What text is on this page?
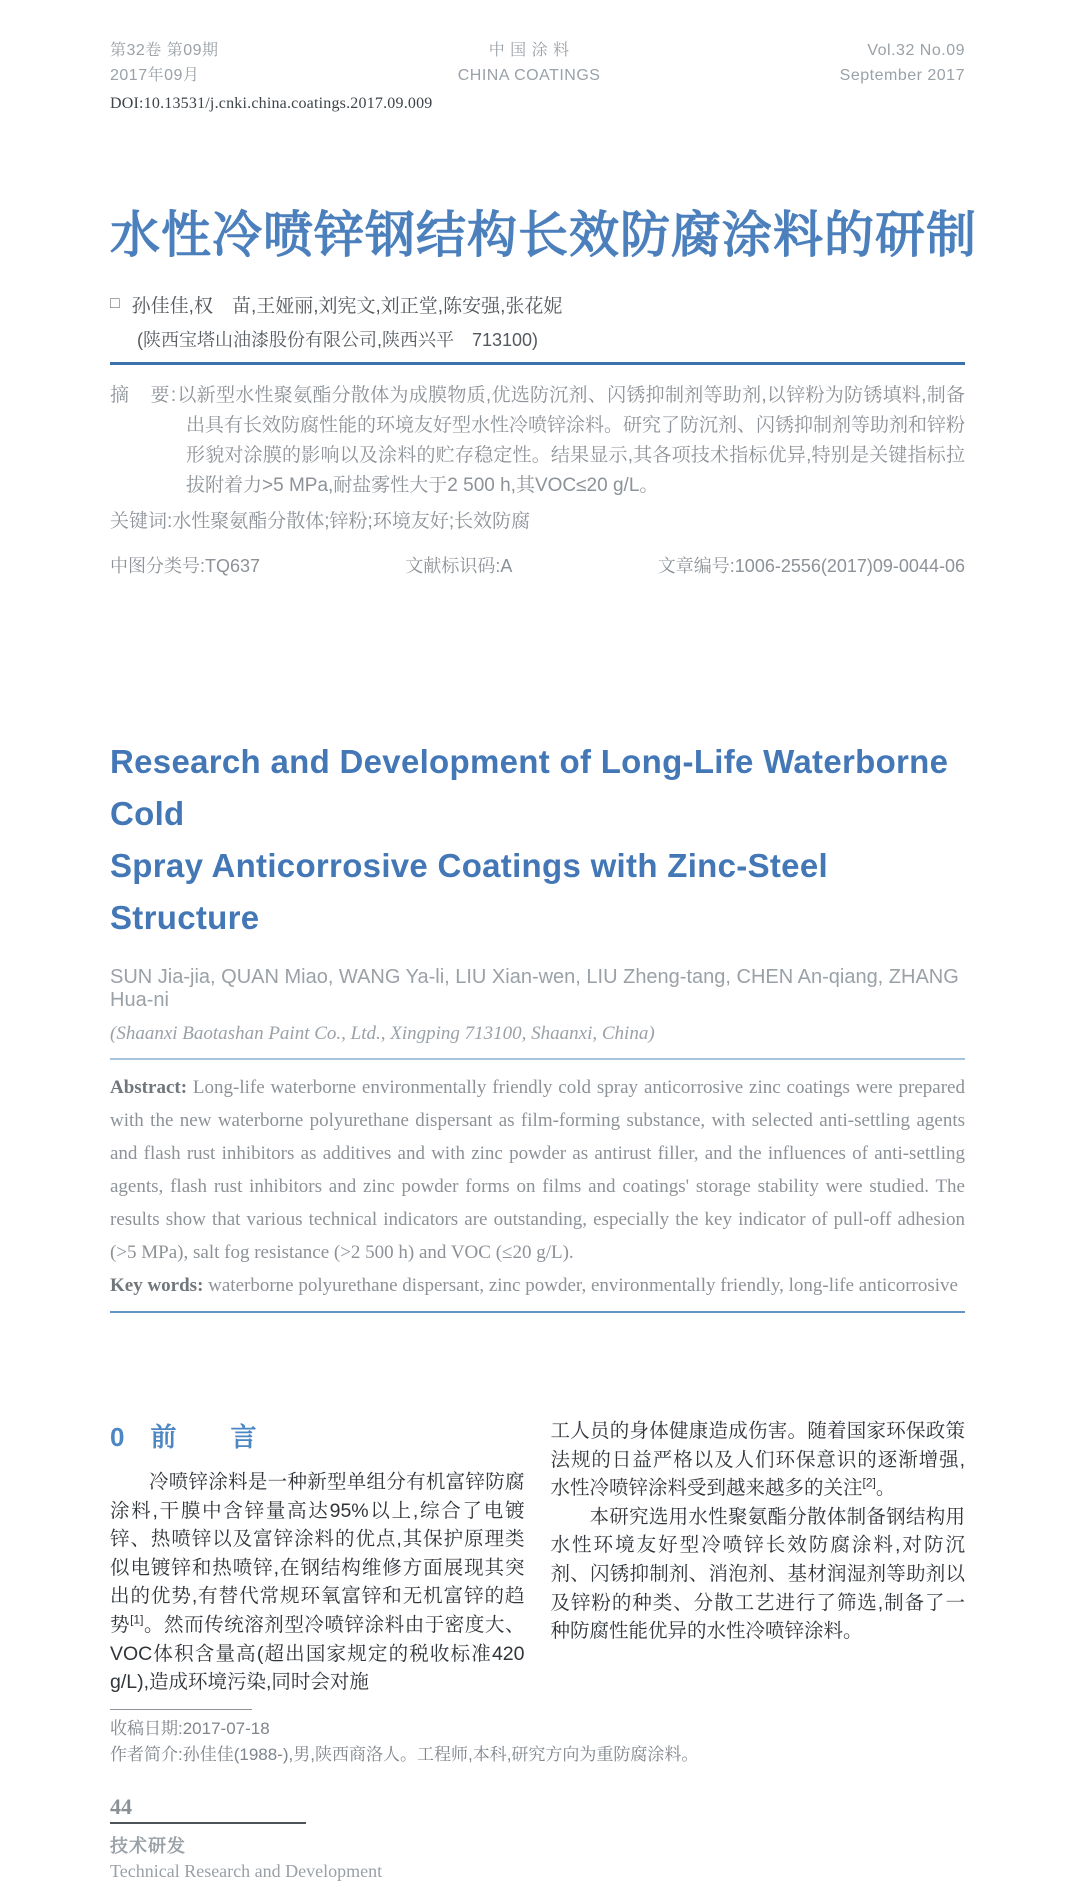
第32卷 第09期
2017年09月
中 国 涂 料
CHINA COATINGS
Vol.32 No.09
September 2017
DOI:10.13531/j.cnki.china.coatings.2017.09.009
水性冷喷锌钢结构长效防腐涂料的研制
□ 孙佳佳,权　苗,王娅丽,刘宪文,刘正堂,陈安强,张花妮
(陕西宝塔山油漆股份有限公司,陕西兴平　713100)

摘　要:以新型水性聚氨酯分散体为成膜物质,优选防沉剂、闪锈抑制剂等助剂,以锌粉为防锈填料,制备出具有长效防腐性能的环境友好型水性冷喷锌涂料。研究了防沉剂、闪锈抑制剂等助剂和锌粉形貌对涂膜的影响以及涂料的贮存稳定性。结果显示,其各项技术指标优异,特别是关键指标拉拔附着力>5 MPa,耐盐雾性大于2 500 h,其VOC≤20 g/L。

关键词:水性聚氨酯分散体;锌粉;环境友好;长效防腐

中图分类号:TQ637	文献标识码:A	文章编号:1006-2556(2017)09-0044-06
Research and Development of Long-Life Waterborne Cold
Spray Anticorrosive Coatings with Zinc-Steel Structure
SUN Jia-jia, QUAN Miao, WANG Ya-li, LIU Xian-wen, LIU Zheng-tang, CHEN An-qiang, ZHANG Hua-ni
(Shaanxi Baotashan Paint Co., Ltd., Xingping 713100, Shaanxi, China)

Abstract: Long-life waterborne environmentally friendly cold spray anticorrosive zinc coatings were prepared with the new waterborne polyurethane dispersant as film-forming substance, with selected anti-settling agents and flash rust inhibitors as additives and with zinc powder as antirust filler, and the influences of anti-settling agents, flash rust inhibitors and zinc powder forms on films and coatings' storage stability were studied. The results show that various technical indicators are outstanding, especially the key indicator of pull-off adhesion (>5 MPa), salt fog resistance (>2 500 h) and VOC (≤20 g/L).

Key words: waterborne polyurethane dispersant, zinc powder, environmentally friendly, long-life anticorrosive

0 前　言

冷喷锌涂料是一种新型单组分有机富锌防腐涂料,干膜中含锌量高达95%以上,综合了电镀锌、热喷锌以及富锌涂料的优点,其保护原理类似电镀锌和热喷锌,在钢结构维修方面展现其突出的优势,有替代常规环氧富锌和无机富锌的趋势[1]。然而传统溶剂型冷喷锌涂料由于密度大、VOC体积含量高(超出国家规定的税收标准420 g/L),造成环境污染,同时会对施

工人员的身体健康造成伤害。随着国家环保政策法规的日益严格以及人们环保意识的逐渐增强,水性冷喷锌涂料受到越来越多的关注[2]。

本研究选用水性聚氨酯分散体制备钢结构用水性环境友好型冷喷锌长效防腐涂料,对防沉剂、闪锈抑制剂、消泡剂、基材润湿剂等助剂以及锌粉的种类、分散工艺进行了筛选,制备了一种防腐性能优异的水性冷喷锌涂料。

收稿日期:2017-07-18
作者简介:孙佳佳(1988-),男,陕西商洛人。工程师,本科,研究方向为重防腐涂料。
44
技术研发
Technical Research and Development
